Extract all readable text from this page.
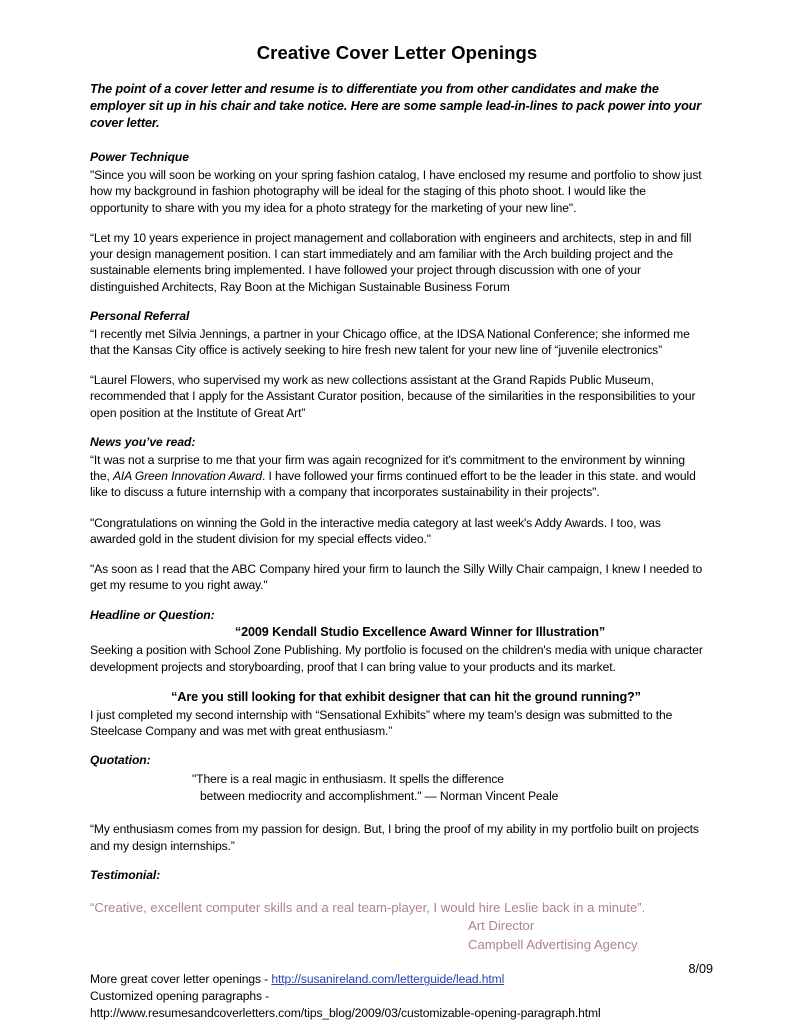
Creative Cover Letter Openings

The point of a cover letter and resume is to differentiate you from other candidates and make the employer sit up in his chair and take notice. Here are some sample lead-in-lines to pack power into your cover letter.

Power Technique

"Since you will soon be working on your spring fashion catalog, I have enclosed my resume and portfolio to show just how my background in fashion photography will be ideal for the staging of this photo shoot. I would like the opportunity to share with you my idea for a photo strategy for the marketing of your new line".

“Let my 10 years experience in project management and collaboration with engineers and architects, step in and fill your design management position. I can start immediately and am familiar with the Arch building project and the sustainable elements bring implemented. I have followed your project through discussion with one of your distinguished Architects, Ray Boon at the Michigan Sustainable Business Forum

Personal Referral

“I recently met Silvia Jennings, a partner in your Chicago office, at the IDSA National Conference; she informed me that the Kansas City office is actively seeking to hire fresh new talent for your new line of “juvenile electronics”

“Laurel Flowers, who supervised my work as new collections assistant at the Grand Rapids Public Museum, recommended that I apply for the Assistant Curator position, because of the similarities in the responsibilities to your open position at the Institute of Great Art”

News you’ve read:

“It was not a surprise to me that your firm was again recognized for it's commitment to the environment by winning the, AIA Green Innovation Award. I have followed your firms continued effort to be the leader in this state. and would like to discuss a future internship with a company that incorporates sustainability in their projects".

"Congratulations on winning the Gold in the interactive media category at last week's Addy Awards. I too, was awarded gold in the student division for my special effects video."

"As soon as I read that the ABC Company hired your firm to launch the Silly Willy Chair campaign, I knew I needed to get my resume to you right away."

Headline or Question:
“2009 Kendall Studio Excellence Award Winner for Illustration”

Seeking a position with School Zone Publishing. My portfolio is focused on the children's media with unique character development projects and storyboarding, proof that I can bring value to your products and its market.

“Are you still looking for that exhibit designer that can hit the ground running?”

I just completed my second internship with “Sensational Exhibits” where my team’s design was submitted to the Steelcase Company and was met with great enthusiasm.”

Quotation:
"There is a real magic in enthusiasm. It spells the difference
between mediocrity and accomplishment." — Norman Vincent Peale

“My enthusiasm comes from my passion for design. But, I bring the proof of my ability in my portfolio built on projects and my design internships.”

Testimonial:
“Creative, excellent computer skills and a real team-player, I would hire Leslie back in a minute”.
Art Director
Campbell Advertising Agency
More great cover letter openings - http://susanireland.com/letterguide/lead.html
Customized opening paragraphs -
http://www.resumesandcoverletters.com/tips_blog/2009/03/customizable-opening-paragraph.html
8/09
